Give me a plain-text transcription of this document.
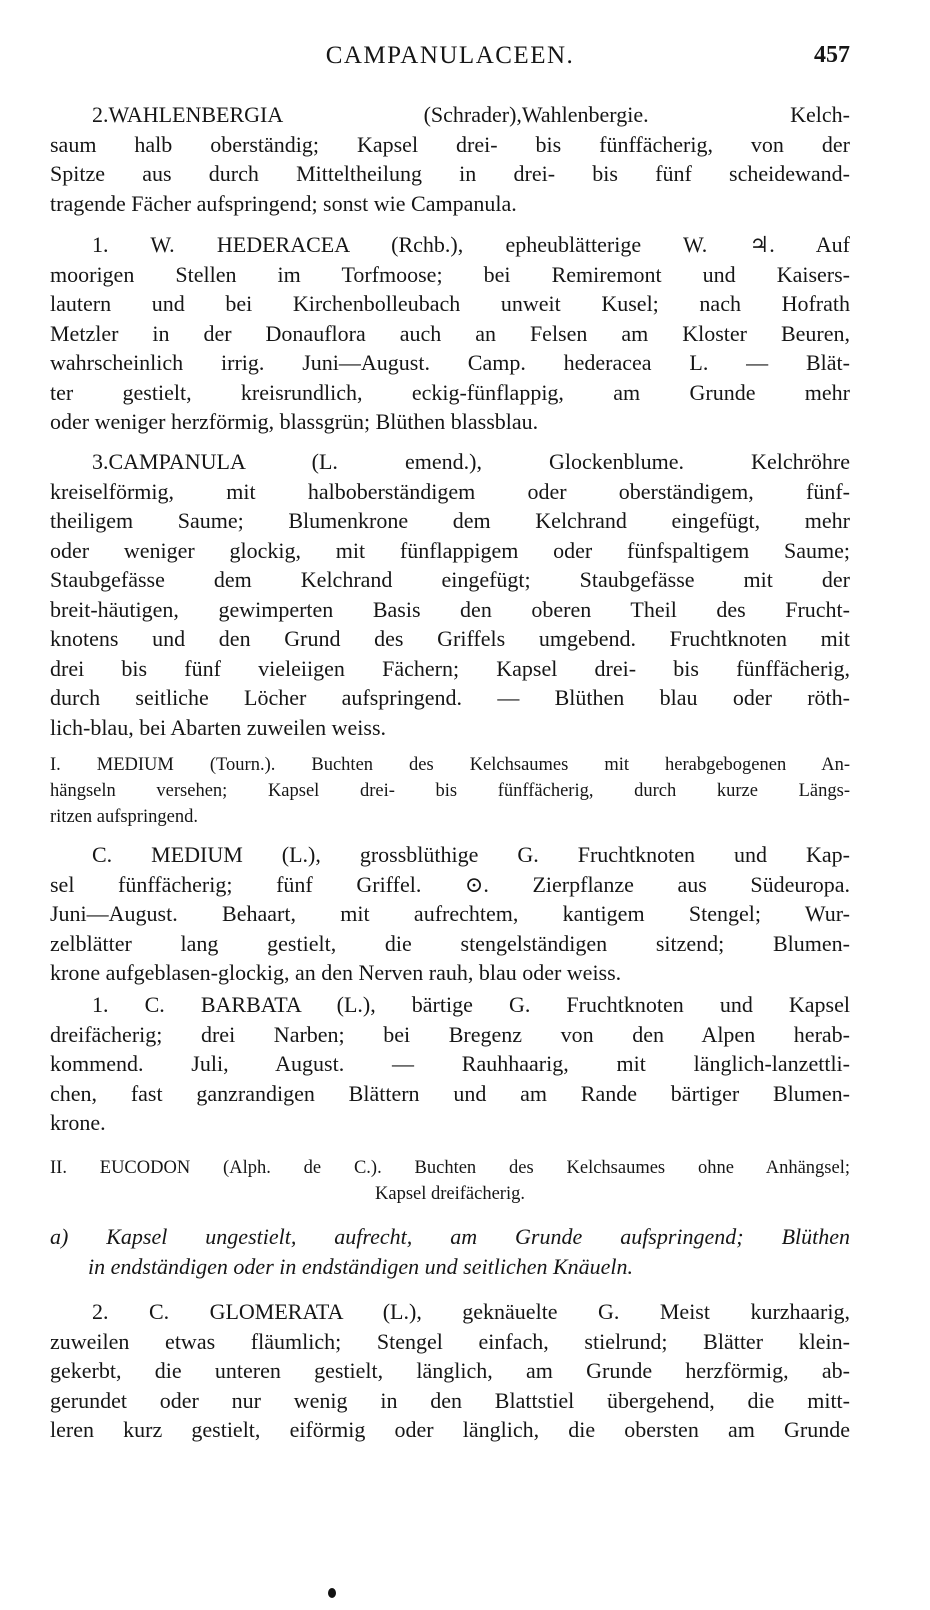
CAMPANULACEEN.	457
2.WAHLENBERGIA (Schrader),Wahlenbergie. Kelch-
saum halb oberständig; Kapsel drei- bis fünffächerig, von der
Spitze aus durch Mitteltheilung in drei- bis fünf scheidewand-
tragende Fächer aufspringend; sonst wie Campanula.
1. W. HEDERACEA (Rchb.), epheublätterige W. ♃. Auf
moorigen Stellen im Torfmoose; bei Remiremont und Kaisers-
lautern und bei Kirchenbolleubach unweit Kusel; nach Hofrath
Metzler in der Donauflora auch an Felsen am Kloster Beuren,
wahrscheinlich irrig. Juni—August. Camp. hederacea L. — Blät-
ter gestielt, kreisrundlich, eckig-fünflappig, am Grunde mehr
oder weniger herzförmig, blassgrün; Blüthen blassblau.
3.CAMPANULA (L. emend.), Glockenblume. Kelchröhre
kreiselförmig, mit halboberständigem oder oberständigem, fünf-
theiligem Saume; Blumenkrone dem Kelchrand eingefügt, mehr
oder weniger glockig, mit fünflappigem oder fünfspaltigem Saume;
Staubgefässe dem Kelchrand eingefügt; Staubgefässe mit der
breit-häutigen, gewimperten Basis den oberen Theil des Frucht-
knotens und den Grund des Griffels umgebend. Fruchtknoten mit
drei bis fünf vieleiigen Fächern; Kapsel drei- bis fünffächerig,
durch seitliche Löcher aufspringend. — Blüthen blau oder röth-
lich-blau, bei Abarten zuweilen weiss.
I. MEDIUM (Tourn.). Buchten des Kelchsaumes mit herabgebogenen An-
hängseln versehen; Kapsel drei- bis fünffächerig, durch kurze Längs-
ritzen aufspringend.
C. MEDIUM (L.), grossblüthige G. Fruchtknoten und Kap-
sel fünffächerig; fünf Griffel. ⊙. Zierpflanze aus Südeuropa.
Juni—August. Behaart, mit aufrechtem, kantigem Stengel; Wur-
zelblätter lang gestielt, die stengelständigen sitzend; Blumen-
krone aufgeblasen-glockig, an den Nerven rauh, blau oder weiss.
1. C. BARBATA (L.), bärtige G. Fruchtknoten und Kapsel
dreifächerig; drei Narben; bei Bregenz von den Alpen herab-
kommend. Juli, August. — Rauhhaarig, mit länglich-lanzettli-
chen, fast ganzrandigen Blättern und am Rande bärtiger Blumen-
krone.
II. EUCODON (Alph. de C.). Buchten des Kelchsaumes ohne Anhängsel;
Kapsel dreifächerig.
a) Kapsel ungestielt, aufrecht, am Grunde aufspringend; Blüthen
in endständigen oder in endständigen und seitlichen Knäueln.
2. C. GLOMERATA (L.), geknäuelte G. Meist kurzhaarig,
zuweilen etwas fläumlich; Stengel einfach, stielrund; Blätter klein-
gekerbt, die unteren gestielt, länglich, am Grunde herzförmig, ab-
gerundet oder nur wenig in den Blattstiel übergehend, die mitt-
leren kurz gestielt, eiförmig oder länglich, die obersten am Grunde
